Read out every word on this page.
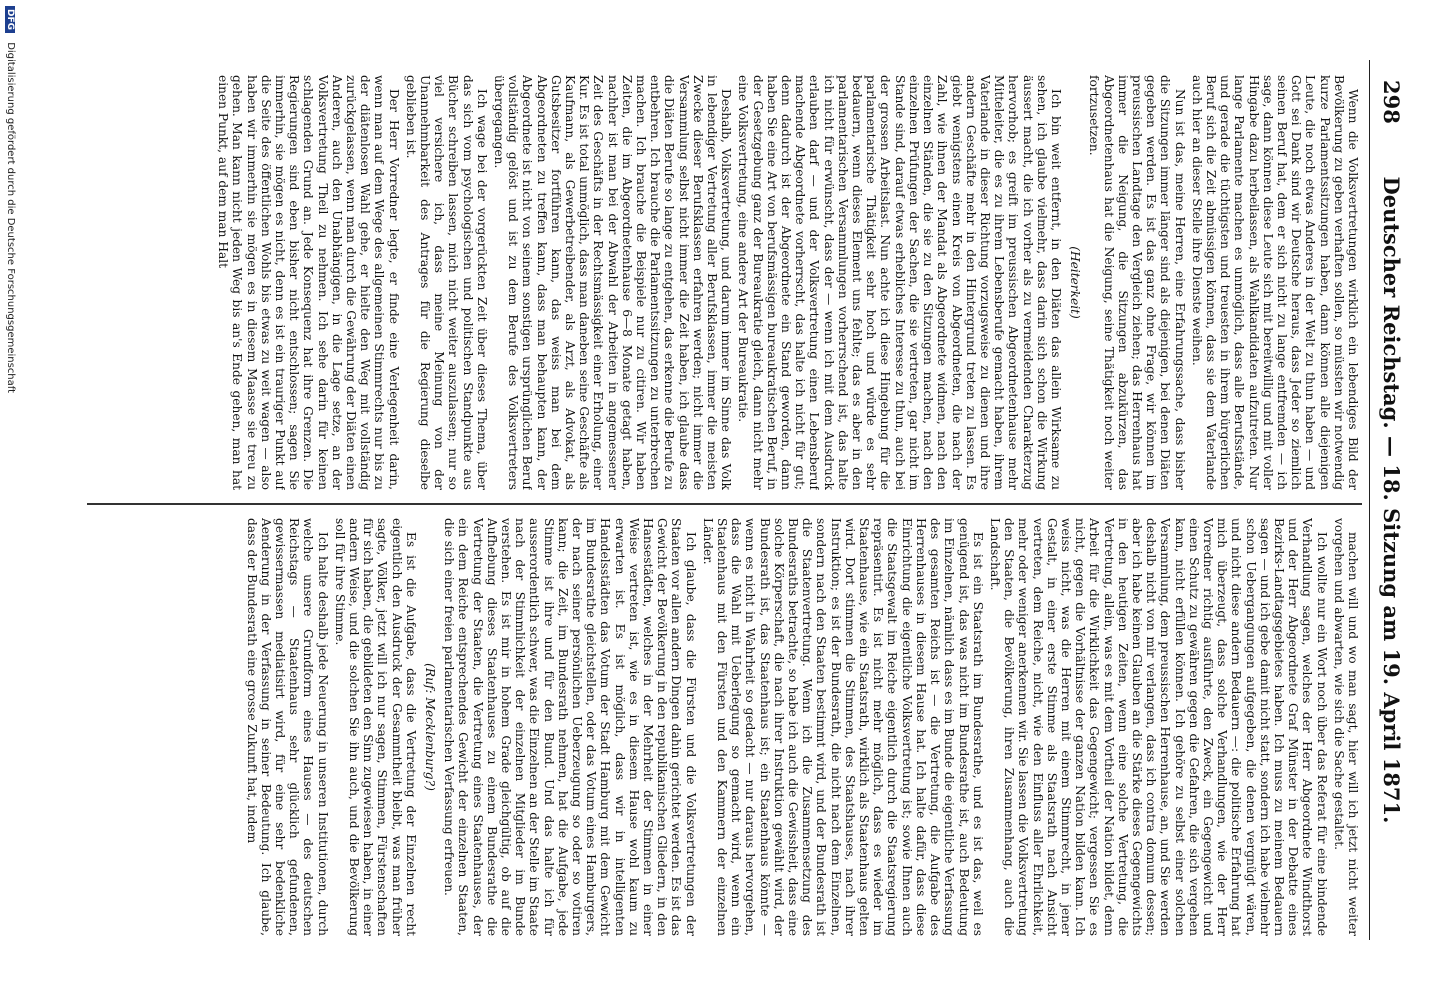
298
Deutscher Reichstag. — 18. Sitzung am 19. April 1871.

Wenn die Volksvertretungen wirklich ein lebendiges Bild der Bevölkerung zu geben verhaften sollen, so müssten wir notwendig kurze Parlamentssitzungen haben, dann können alle diejenigen Leute, die noch etwas Anderes in der Welt zu thun haben — und Gott sei Dank sind wir Deutsche heraus, dass Jeder so ziemlich seinen Beruf hat, dem er sich nicht zu lange entfremden — ich sage, dann können diese Leute sich mit bereitwillig und mit voller Hingabe dazu herbeilassen, als Wahlkandidaten aufzutreten. Nur lange Parlamente machen es unmöglich, dass alle Berufsstände, und gerade die tüchtigsten und treuesten in ihrem bürgerlichen Beruf sich die Zeit abmüssigen können, dass sie dem Vaterlande auch hier an dieser Stelle ihre Dienste weihen.

Nun ist das, meine Herren, eine Erfahrungssache, dass bisher die Sitzungen immer länger sind als diejenigen, bei denen Diäten gegeben werden. Es ist das ganz ohne Frage, wir können im preussischen Landtage den Vergleich ziehen; das Herrenhaus hat immer die Neigung, die Sitzungen abzukürzen, das Abgeordnetenhaus hat die Neigung, seine Thätigkeit noch weiter fortzusetzen.

(Heiterkeit)

Ich bin weit entfernt, in den Diäten das allein Wirksame zu sehen, ich glaube vielmehr, dass darin sich schon die Wirkung äussert macht, die ich vorher als zu vermeidenden Charakterzug hervorhob; es greift im preussischen Abgeordnetenhause mehr Mitteleiter, die es zu ihrem Lebensberufe gemacht haben, ihrem Vaterlande in dieser Richtung vorzugsweise zu dienen und ihre andern Geschäfte mehr in den Hintergrund treten zu lassen. Es giebt wenigstens einen Kreis von Abgeordneten, die nach der Zahl, wie ihnen der Mandat als Abgeordnete widmen, nach den einzelnen Ständen, die sie zu den Sitzungen machen, nach den einzelnen Prüfungen der Sachen, die sie vertreten, gar nicht im Stande sind, darauf etwas erhebliches Interesse zu thun, auch bei der grossen Arbeitslast. Nun achte ich diese Hingebung für die parlamentarische Thätigkeit sehr hoch und würde es sehr bedauern, wenn dieses Element uns fehlte; das es aber in den parlamentarischen Versammlungen vorherrschend ist, das halte ich nicht für erwünscht, dass der — wenn ich mit dem Ausdruck erlauben darf — und der Volksvertretung einen Lebensberuf machende Abgeordnete vorherrscht, das halte ich nicht für gut; denn dadurch ist der Abgeordnete ein Stand geworden, dann haben Sie eine Art von berufsmässigen bureaukratischen Beruf, in der Gesetzgebung ganz der Bureaukratie gleich, dann nicht mehr eine Volksvertretung, eine andere Art der Bureaukratie.

Deshalb, Volksvertretung, und darum immer im Sinne das Volk in lebendiger Vertretung aller Berufsklassen, immer die meisten Zwecke dieser Berufsklassen erfahren werden; nicht immer die Versammlung selbst nicht immer die Zeit haben, ich glaube dass die Diäten Berufe so lange zu entgehen, das erkenne die Berufe zu entbehren. Ich brauche die Parlamentssitzungen zu unterbrechen machen. Ich brauche die Beispiele nur zu citiren. Wir haben Zeiten, die im Abgeordnetenhause 6—8 Monate getagt haben, nachher ist man bei der Abwahl der Arbeiten in angemessener Zeit des Geschäfts in der Rechtsmässigkeit einer Erholung, einer Kur. Es ist total unmöglich, dass man daneben seine Geschäfte als Kaufmann, als Gewerbetreibender, als Arzt, als Advokat, als Gutsbesitzer fortführen kann, das weiss man bei dem Abgeordneten zu treffen kann, dass man behaupten kann, der Abgeordnete ist nicht von seinem sonstigen ursprünglichen Beruf vollständig gelöst und ist zu dem Berufe des Volksvertreters übergegangen.

Ich wage bei der vorgerückten Zeit über dieses Thema, über das sich vom psychologischen und politischen Standpunkte aus Bücher schreiben lassen, mich nicht weiter auszulassen; nur so viel versichere ich, dass meine Meinung von der Unannehmbarkeit des Antrages für die Regierung dieselbe geblieben ist.

Der Herr Vorredner legte, er finde eine Verlegenheit darin, wenn man auf dem Wege des allgemeinen Stimmrechts nur bis zu der diätenlosen Wahl gehe, er hielte den Weg mit vollständig zurückgelassen, wenn man durch die Gewährung der Diäten einen Anderen, auch den Unabhängigen, in die Lage setze, an der Volksvertretung Theil zu nehmen. Ich sehe darin für keinen schlagenden Grund an. Jede Konsequenz hat ihre Grenzen. Die Regierungen sind eben bisher nicht entschlossen; sagen Sie immerhin, sie mögen es nicht, denn es ist ein trauriger Punkt auf die Seite des öffentlichen Wohls bis etwas zu weit wagen — also haben wir immerhin sie mögen es in diesem Maasse sie treu zu gehen. Man kann nicht jeden Weg bis an's Ende gehen, man hat einen Punkt, auf dem man Halt

machen will und wo man sagt, hier will ich jetzt nicht weiter vorgehen und abwarten, wie sich die Sache gestaltet.

Ich wollte nur ein Wort noch über das Referat für eine bindende Verhandlung sagen, welches der Herr Abgeordnete Windthorst und der Herr Abgeordnete Graf Münster in der Debatte eines Bezirks-Landtagsgebietes haben. Ich muss zu meinem Bedauern sagen — und ich gebe damit nicht statt, sondern ich habe vielmehr schon Uebergangungen aufgegeben, die denen vergnügt wären, und nicht diese andern Bedauern —: die politische Erfahrung hat mich überzeugt, dass solche Verhandlungen, wie der Herr Vorredner richtig ausführte, den Zweck, ein Gegengewicht und einen Schutz zu gewähren gegen die Gefahren, die sich vergehen kann, nicht erfüllen können. Ich gehöre zu selbst einer solchen Versammlung, dem preussischen Herrenhause, an, und Sie werden deshalb nicht von mir verlangen, dass ich contra domum dessen; aber ich habe keinen Glauben an die Stärke dieses Gegengewichts in den heutigen Zeiten, wenn eine solche Vertretung, die Vertretung, allein, was es mit dem Vortheil der Nation bildet, denn Arbeit für die Wirklichkeit das Gegengewicht; vergessen Sie es nicht, gegen die Vorhältnisse der ganzen Nation bilden kann. Ich weiss nicht, was die Herren mit einem Stimmrecht, in jener Gestalt, in einer erste Stimme als Staatsrath nach Ansicht vertreten, dem Reiche, nicht, wie den Einfluss aller Ehrlichkeit, mehr oder weniger anerkennen wir. Sie lassen die Volksvertretung den Staaten, die Bevölkerung, ihren Zusammenhang, auch die Landschaft.

Es ist ein Staatsrath im Bundesrathe, und es ist das, weil es genügend ist, das was nicht im Bundesrathe ist, auch Bedeutung im Einzelnen, nämlich dass es im Bunde die eigentliche Verfassung des gesamten Reichs ist — die Vertretung, die Aufgabe des Herrenhauses in diesem Hause hat. Ich halte dafür, dass diese Einrichtung die eigentliche Volksvertretung ist; sowie Ihnen auch die Staatsgewalt im Reiche eigentlich durch die Staatsregierung repräsentirt. Es ist nicht mehr möglich, dass es wieder im Staatenhause, wie ein Staatsrath, wirklich als Staatenhaus gelten wird. Dort stimmen die Stimmen, des Staatshauses, nach ihrer Instruktion; es ist der Bundesrath, die nicht nach dem Einzelnen, sondern nach den Staaten bestimmt wird, und der Bundesrath ist die Staatenvertretung. Wenn ich die Zusammensetzung des Bundesraths betrachte, so habe ich auch die Gewissheit, dass eine solche Körperschaft, die nach ihrer Instruktion gewählt wird, der Bundesrath ist, das Staatenhaus ist; ein Staatenhaus könnte — wenn es nicht in Wahrheit so gedacht — nur daraus hervorgehen, dass die Wahl mit Ueberlegung so gemacht wird, wenn ein Staatenhaus mit den Fürsten und den Kammern der einzelnen Länder.

Ich glaube, dass die Fürsten und die Volksvertretungen der Staaten vor allen andern Dingen dahin gerichtet werden. Es ist das Gewicht der Bevölkerung in den republikanischen Gliedern, in den Hansestädten, welches in der Mehrheit der Stimmen in einer Weise vertreten ist, wie es in diesem Hause wohl kaum zu erwarten ist. Es ist möglich, dass wir in intelligenten Handelsstädten das Votum der Stadt Hamburg mit dem Gewicht im Bundesrathe gleichstellen, oder das Votum eines Hamburgers, der nach seiner persönlichen Ueberzeugung so oder so votiren kann; die Zeit, im Bundesrath nehmen, hat die Aufgabe, jede Stimme ist ihre und für den Bund. Und das halte ich für ausserordentlich schwer, was die Einzelnen an der Stelle im Staate nach der Stimmlichkeit der einzelnen Mitglieder im Bunde verstehen. Es ist mir in hohem Grade gleichgültig, ob auf die Aufhebung dieses Staatenhauses zu einem Bundesrathe die Vertretung der Staaten, die Vertretung eines Staatenhauses, der ein dem Reiche entsprechendes Gewicht der einzelnen Staaten, die sich einer freien parlamentarischen Verfassung erfreuen.

(Ruf: Mecklenburg?)

Es ist die Aufgabe, dass die Vertretung der Einzelnen recht eigentlich den Ausdruck der Gesammtheit bleibt, was man früher sagte, Völker, jetzt will ich nur sagen, Stimmen, Fürstenschaften für sich haben, die gebildeten den Sinn zugewiesen haben, in einer andern Weise, und die solchen Sie ihn auch, und die Bevölkerung soll für ihre Stimme.

Ich halte deshalb jede Neuerung in unseren Institutionen, durch welche unsere Grundform eines Hauses — des deutschen Reichstags — Staatenhaus sehr glücklich gefundenen, gewissermassen mediatisirt wird, für eine sehr bedenkliche Aenderung in der Verfassung in seiner Bedeutung. Ich glaube, dass der Bundesrath eine grosse Zukunft hat, indem

DFG Digitalisierung gefördert durch die Deutsche Forschungsgemeinschaft
